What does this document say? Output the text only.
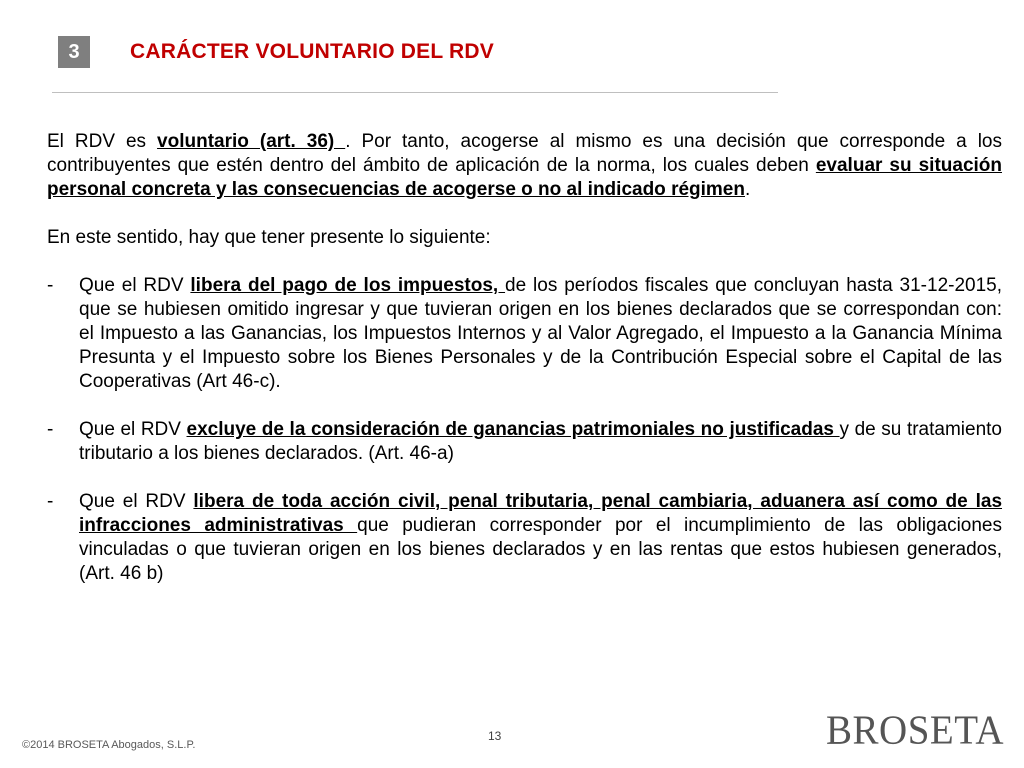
3	CARÁCTER VOLUNTARIO DEL RDV

El RDV es voluntario (art. 36) . Por tanto, acogerse al mismo es una decisión que corresponde a los contribuyentes que estén dentro del ámbito de aplicación de la norma, los cuales deben evaluar su situación personal concreta y las consecuencias de acogerse o no al indicado régimen.

En este sentido, hay que tener presente lo siguiente:

-	Que el RDV libera del pago de los impuestos, de los períodos fiscales que concluyan hasta 31-12-2015, que se hubiesen omitido ingresar y que tuvieran origen en los bienes declarados que se correspondan con: el Impuesto a las Ganancias, los Impuestos Internos y al Valor Agregado, el Impuesto a la Ganancia Mínima Presunta y el Impuesto sobre los Bienes Personales y de la Contribución Especial sobre el Capital de las Cooperativas (Art 46-c).
-	Que el RDV excluye de la consideración de ganancias patrimoniales no justificadas y de su tratamiento tributario a los bienes declarados. (Art. 46-a)
-	Que el RDV libera de toda acción civil, penal tributaria, penal cambiaria, aduanera así como de las infracciones administrativas que pudieran corresponder por el incumplimiento de las obligaciones vinculadas o que tuvieran origen en los bienes declarados y en las rentas que estos hubiesen generados, (Art. 46 b)
©2014 BROSETA Abogados, S.L.P.
13	BROSETA
